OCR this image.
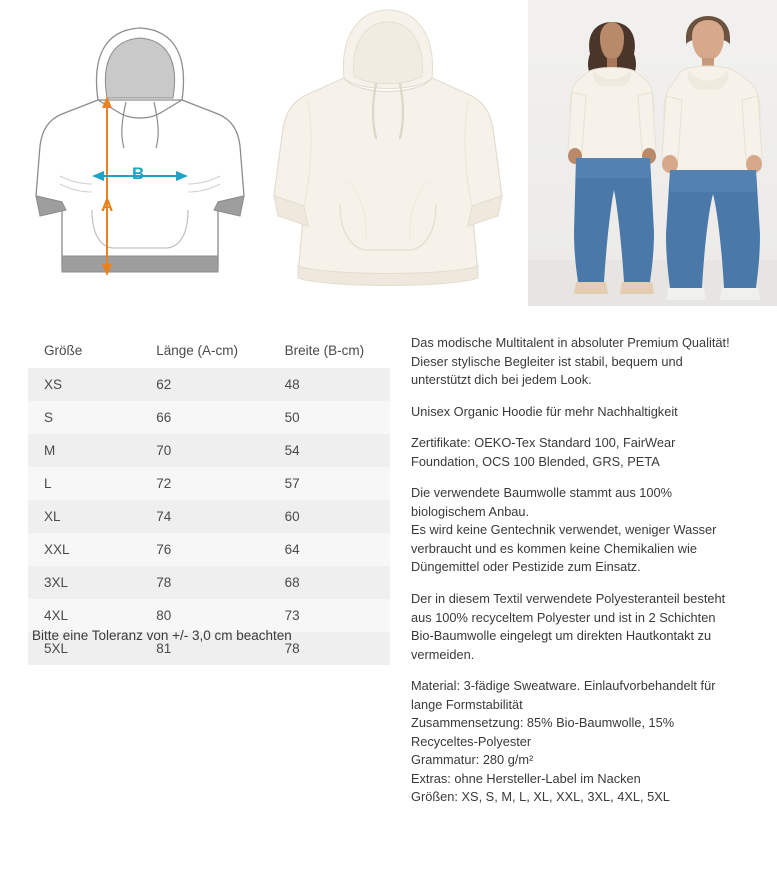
A
B
Größe	Länge (A-cm)	Breite (B-cm)
XS	62	48
S	66	50
M	70	54
L	72	57
XL	74	60
XXL	76	64
3XL	78	68
4XL	80	73
5XL	81	78
Bitte eine Toleranz von +/- 3,0 cm beachten

Das modische Multitalent in absoluter Premium Qualität! Dieser stylische Begleiter ist stabil, bequem und unterstützt dich bei jedem Look.

Unisex Organic Hoodie für mehr Nachhaltigkeit

Zertifikate: OEKO-Tex Standard 100, FairWear Foundation, OCS 100 Blended, GRS, PETA

Die verwendete Baumwolle stammt aus 100% biologischem Anbau.

Es wird keine Gentechnik verwendet, weniger Wasser verbraucht und es kommen keine Chemikalien wie Düngemittel oder Pestizide zum Einsatz.

Der in diesem Textil verwendete Polyesteranteil besteht aus 100% recyceltem Polyester und ist in 2 Schichten Bio-Baumwolle eingelegt um direkten Hautkontakt zu vermeiden.

Material: 3-fädige Sweatware. Einlaufvorbehandelt für lange Formstabilität

Zusammensetzung: 85% Bio-Baumwolle, 15% Recyceltes-Polyester

Grammatur: 280 g/m²

Extras: ohne Hersteller-Label im Nacken

Größen: XS, S, M, L, XL, XXL, 3XL, 4XL, 5XL
